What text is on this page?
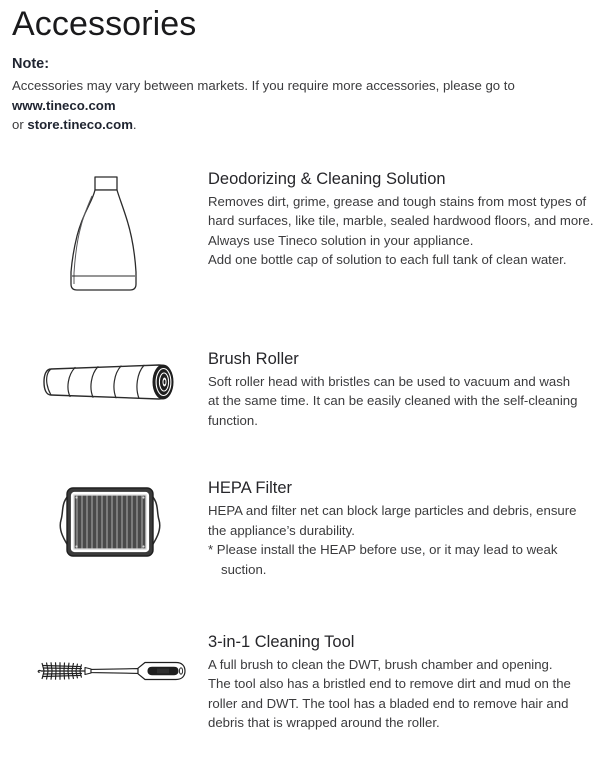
Accessories
Note:
Accessories may vary between markets. If you require more accessories, please go to www.tineco.com
or store.tineco.com.
Deodorizing & Cleaning Solution
Removes dirt, grime, grease and tough stains from most types of
hard surfaces, like tile, marble, sealed hardwood floors, and more.
Always use Tineco solution in your appliance.
Add one bottle cap of solution to each full tank of clean water.
Brush Roller
Soft roller head with bristles can be used to vacuum and wash
at the same time. It can be easily cleaned with the self-cleaning
function.
HEPA Filter
HEPA and filter net can block large particles and debris, ensure
the appliance’s durability.
* Please install the HEAP before use, or it may lead to weak
suction.
3-in-1 Cleaning Tool
A full brush to clean the DWT, brush chamber and opening.
The tool also has a bristled end to remove dirt and mud on the
roller and DWT. The tool has a bladed end to remove hair and
debris that is wrapped around the roller.
